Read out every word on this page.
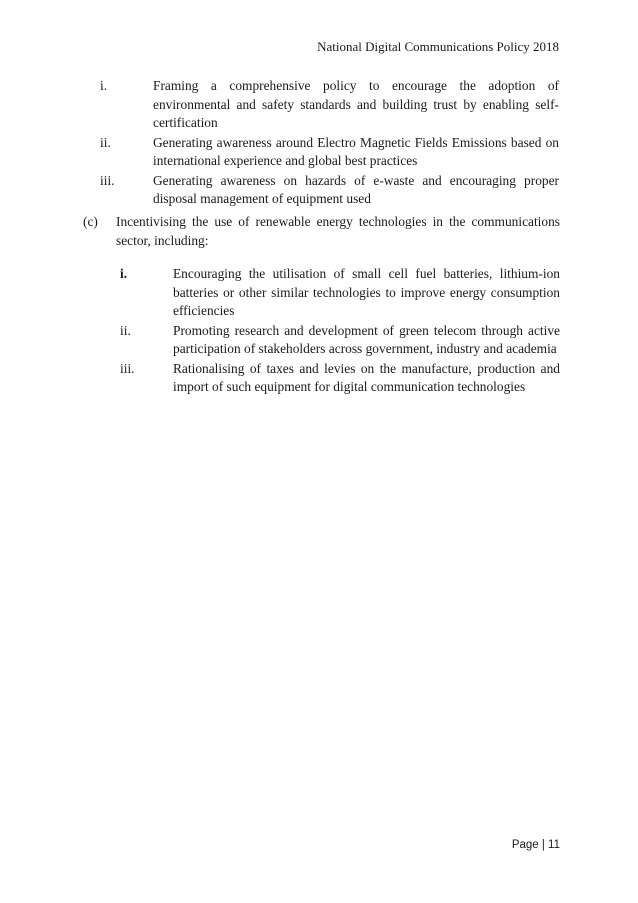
National Digital Communications Policy 2018
i.	Framing a comprehensive policy to encourage the adoption of environmental and safety standards and building trust by enabling self-certification
ii.	Generating awareness around Electro Magnetic Fields Emissions based on international experience and global best practices
iii.	Generating awareness on hazards of e-waste and encouraging proper disposal management of equipment used
(c) Incentivising the use of renewable energy technologies in the communications sector, including:
i.	Encouraging the utilisation of small cell fuel batteries, lithium-ion batteries or other similar technologies to improve energy consumption efficiencies
ii.	Promoting research and development of green telecom through active participation of stakeholders across government, industry and academia
iii.	Rationalising of taxes and levies on the manufacture, production and import of such equipment for digital communication technologies
Page | 11
